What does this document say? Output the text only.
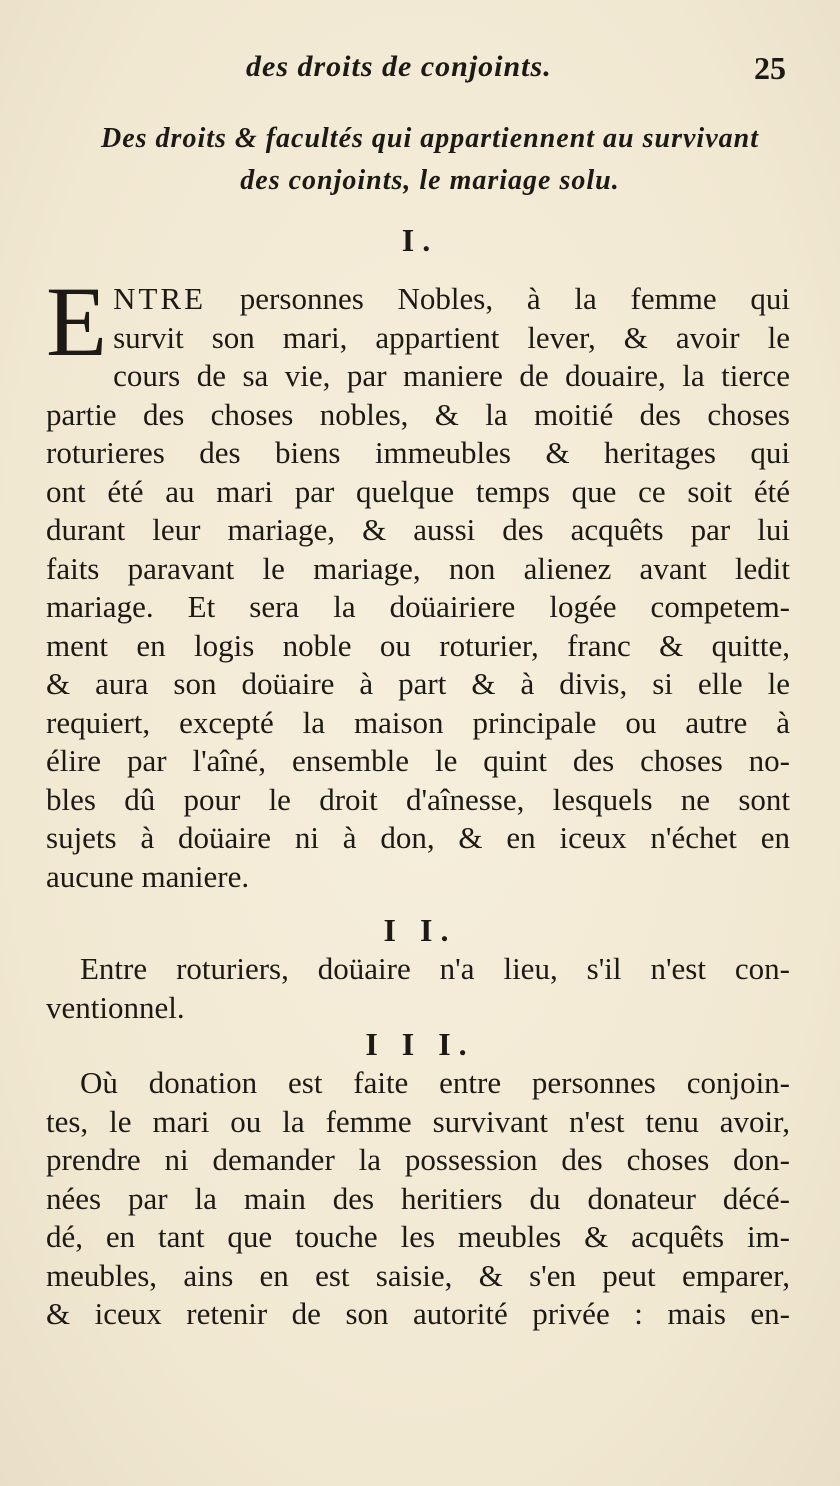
des droits de conjoints.	25
Des droits & facultés qui appartiennent au survivant
des conjoints, le mariage solu.
I.
E NTRE personnes Nobles, à la femme qui
survit son mari, appartient lever, & avoir le
cours de sa vie, par maniere de douaire, la tierce
partie des choses nobles, & la moitié des choses
roturieres des biens immeubles & heritages qui
ont été au mari par quelque temps que ce soit été
durant leur mariage, & aussi des acquêts par lui
faits paravant le mariage, non alienez avant ledit
mariage. Et sera la doüairiere logée competem-
ment en logis noble ou roturier, franc & quitte,
& aura son doüaire à part & à divis, si elle le
requiert, excepté la maison principale ou autre à
élire par l'aîné, ensemble le quint des choses no-
bles dû pour le droit d'aînesse, lesquels ne sont
sujets à doüaire ni à don, & en iceux n'échet en
aucune maniere.
I I.
Entre roturiers, doüaire n'a lieu, s'il n'est con-
ventionnel.
I I I.
Où donation est faite entre personnes conjoin-
tes, le mari ou la femme survivant n'est tenu avoir,
prendre ni demander la possession des choses don-
nées par la main des heritiers du donateur décé-
dé, en tant que touche les meubles & acquêts im-
meubles, ains en est saisie, & s'en peut emparer,
& iceux retenir de son autorité privée : mais en-
